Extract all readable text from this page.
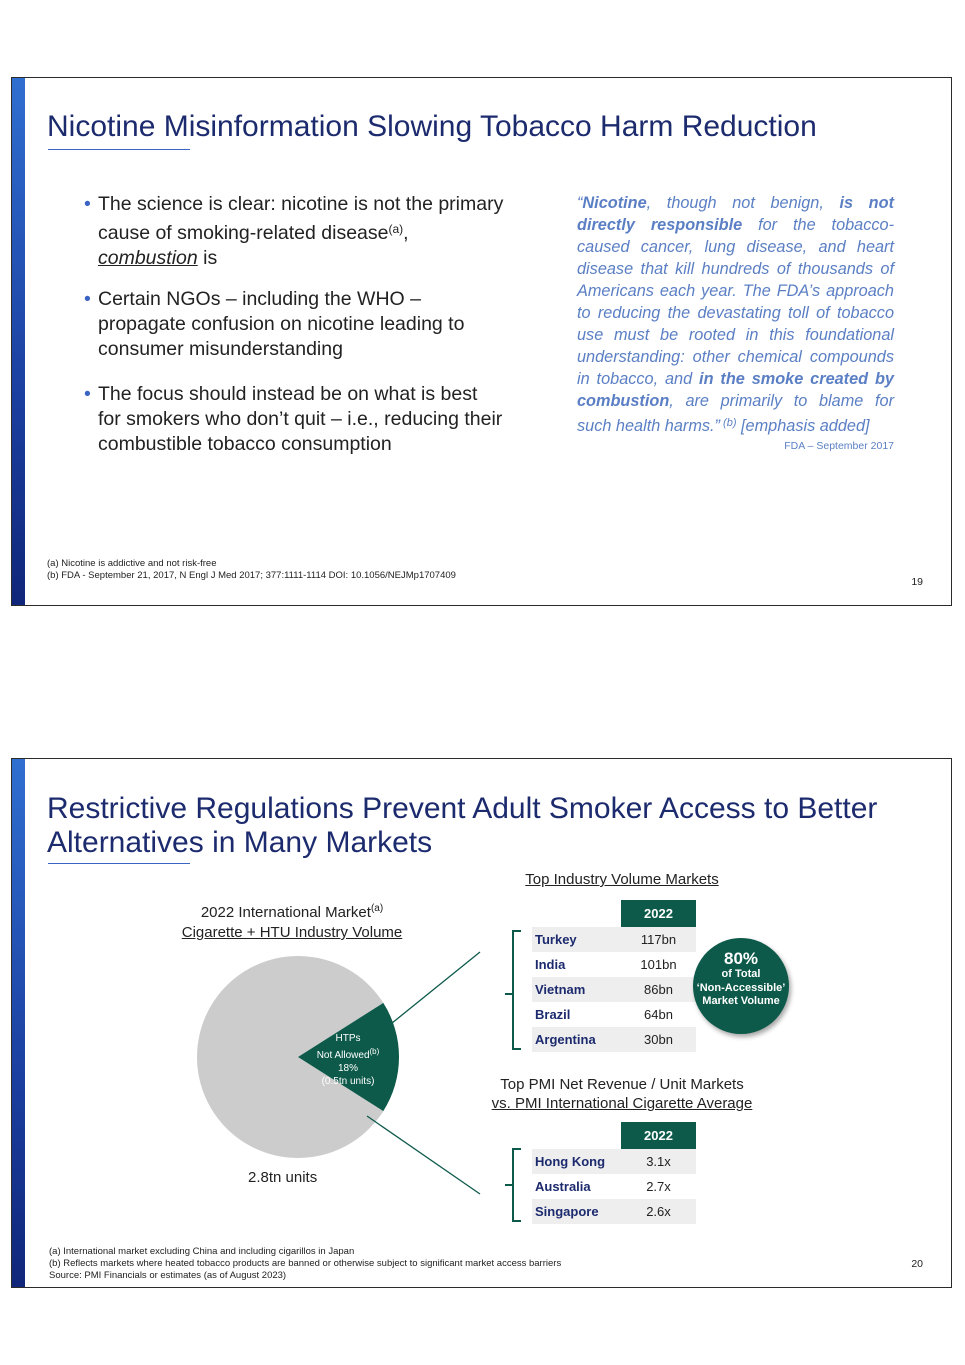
Nicotine Misinformation Slowing Tobacco Harm Reduction
• The science is clear: nicotine is not the primary cause of smoking-related disease$^{(a)}$, combustion is
• Certain NGOs – including the WHO – propagate confusion on nicotine leading to consumer misunderstanding
• The focus should instead be on what is best for smokers who don’t quit – i.e., reducing their combustible tobacco consumption
“Nicotine, though not benign, is not directly responsible for the tobacco-caused cancer, lung disease, and heart disease that kill hundreds of thousands of Americans each year. The FDA’s approach to reducing the devastating toll of tobacco use must be rooted in this foundational understanding: other chemical compounds in tobacco, and in the smoke created by combustion, are primarily to blame for such health harms.” $^{(b)}$ [emphasis added]
FDA – September 2017
(a) Nicotine is addictive and not risk-free
(b) FDA - September 21, 2017, N Engl J Med 2017; 377:1111-1114 DOI: 10.1056/NEJMp1707409
19
Restrictive Regulations Prevent Adult Smoker Access to Better
Alternatives in Many Markets
2022 International Market$^{(a)}$
Cigarette + HTU Industry Volume
HTPs
Not Allowed$^{(b)}$
18%
(0.5tn units)
2.8tn units
Top Industry Volume Markets
	2022
Turkey	117bn
India	101bn
Vietnam	86bn
Brazil	64bn
Argentina	30bn
80%
of Total
‘Non-Accessible’
Market Volume
Top PMI Net Revenue / Unit Markets
vs. PMI International Cigarette Average
	2022
Hong Kong	3.1x
Australia	2.7x
Singapore	2.6x
(a) International market excluding China and including cigarillos in Japan
(b) Reflects markets where heated tobacco products are banned or otherwise subject to significant market access barriers
Source: PMI Financials or estimates (as of August 2023)
20
